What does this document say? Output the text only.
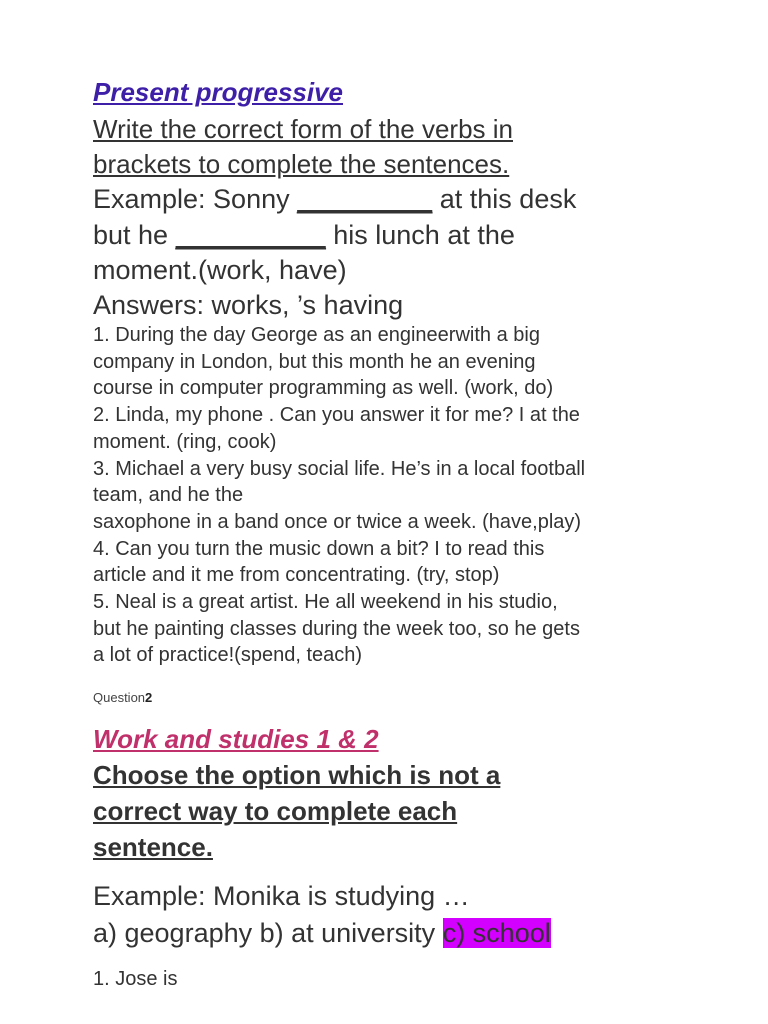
Present progressive
Write the correct form of the verbs in
brackets to complete the sentences.
Example: Sonny _________ at this desk
but he __________ his lunch at the
moment.(work, have)
Answers: works, ’s having
1. During the day George as an engineerwith a big
company in London, but this month he an evening
course in computer programming as well. (work, do)
2. Linda, my phone . Can you answer it for me? I at the
moment. (ring, cook)
3. Michael a very busy social life. He’s in a local football
team, and he the
saxophone in a band once or twice a week. (have,play)
4. Can you turn the music down a bit? I to read this
article and it me from concentrating. (try, stop)
5. Neal is a great artist. He all weekend in his studio,
but he painting classes during the week too, so he gets
a lot of practice!(spend, teach)
Question2
Work and studies 1 & 2
Choose the option which is not a
correct way to complete each
sentence.
Example: Monika is studying …
a) geography b) at university c) school
1. Jose is
